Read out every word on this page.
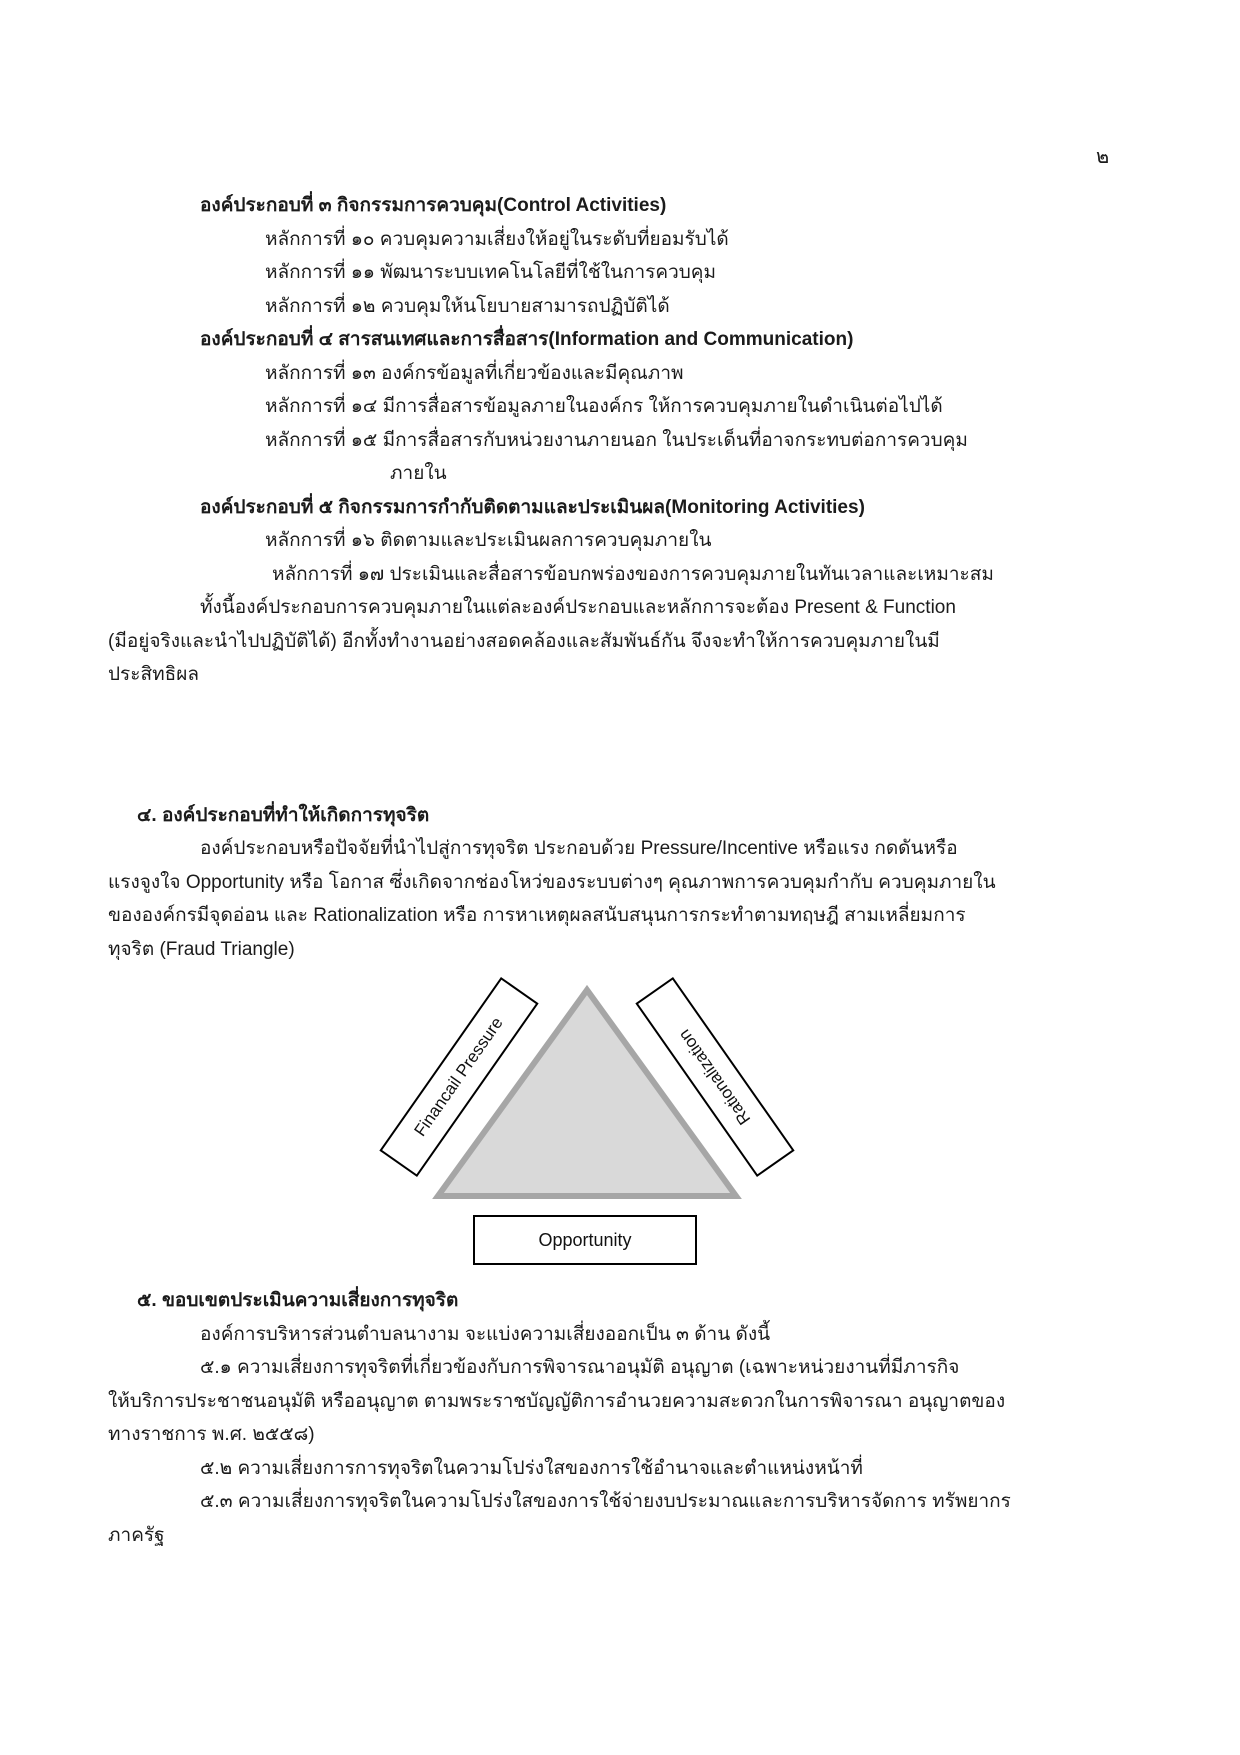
๒

องค์ประกอบที่ ๓ กิจกรรมการควบคุม(Control Activities)

หลักการที่ ๑๐ ควบคุมความเสี่ยงให้อยู่ในระดับที่ยอมรับได้

หลักการที่ ๑๑ พัฒนาระบบเทคโนโลยีที่ใช้ในการควบคุม

หลักการที่ ๑๒ ควบคุมให้นโยบายสามารถปฏิบัติได้

องค์ประกอบที่ ๔ สารสนเทศและการสื่อสาร(Information and Communication)

หลักการที่ ๑๓ องค์กรข้อมูลที่เกี่ยวข้องและมีคุณภาพ

หลักการที่ ๑๔ มีการสื่อสารข้อมูลภายในองค์กร ให้การควบคุมภายในดำเนินต่อไปได้

หลักการที่ ๑๕ มีการสื่อสารกับหน่วยงานภายนอก ในประเด็นที่อาจกระทบต่อการควบคุม

ภายใน

องค์ประกอบที่ ๕ กิจกรรมการกำกับติดตามและประเมินผล(Monitoring Activities)

หลักการที่ ๑๖ ติดตามและประเมินผลการควบคุมภายใน

หลักการที่ ๑๗ ประเมินและสื่อสารข้อบกพร่องของการควบคุมภายในทันเวลาและเหมาะสม

ทั้งนี้องค์ประกอบการควบคุมภายในแต่ละองค์ประกอบและหลักการจะต้อง Present & Function

(มีอยู่จริงและนำไปปฏิบัติได้) อีกทั้งทำงานอย่างสอดคล้องและสัมพันธ์กัน จึงจะทำให้การควบคุมภายในมี

ประสิทธิผล

๔. องค์ประกอบที่ทำให้เกิดการทุจริต

องค์ประกอบหรือปัจจัยที่นำไปสู่การทุจริต ประกอบด้วย Pressure/Incentive หรือแรง กดดันหรือ

แรงจูงใจ Opportunity หรือ โอกาส ซึ่งเกิดจากช่องโหว่ของระบบต่างๆ คุณภาพการควบคุมกำกับ ควบคุมภายใน

ขององค์กรมีจุดอ่อน และ Rationalization หรือ การหาเหตุผลสนับสนุนการกระทำตามทฤษฎี สามเหลี่ยมการ

ทุจริต (Fraud Triangle)

๕. ขอบเขตประเมินความเสี่ยงการทุจริต

องค์การบริหารส่วนตำบลนางาม จะแบ่งความเสี่ยงออกเป็น ๓ ด้าน ดังนี้

๕.๑ ความเสี่ยงการทุจริตที่เกี่ยวข้องกับการพิจารณาอนุมัติ อนุญาต (เฉพาะหน่วยงานที่มีภารกิจ

ให้บริการประชาชนอนุมัติ หรืออนุญาต ตามพระราชบัญญัติการอำนวยความสะดวกในการพิจารณา อนุญาตของ

ทางราชการ พ.ศ. ๒๕๕๘)

๕.๒ ความเสี่ยงการการทุจริตในความโปร่งใสของการใช้อำนาจและตำแหน่งหน้าที่

๕.๓ ความเสี่ยงการทุจริตในความโปร่งใสของการใช้จ่ายงบประมาณและการบริหารจัดการ ทรัพยากร

ภาครัฐ

Financail Pressure	Rationalization
Opportunity
